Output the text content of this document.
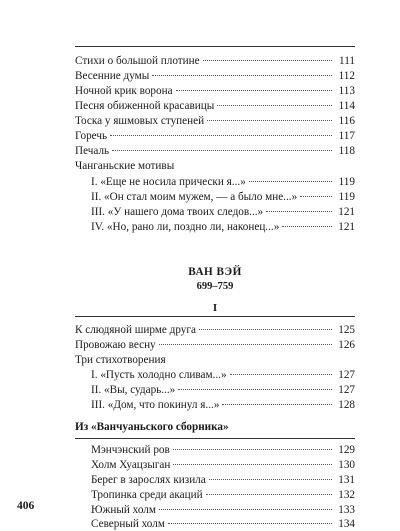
Стихи о большой плотине	111
Весенние думы	112
Ночной крик ворона	113
Песня обиженной красавицы	114
Тоска у яшмовых ступеней	116
Горечь	117
Печаль	118
Чанганьские мотивы
I. «Еще не носила прически я...»	119
II. «Он стал моим мужем, — а было мне...»	119
III. «У нашего дома твоих следов...»	121
IV. «Но, рано ли, поздно ли, наконец...»	121
ВАН ВЭЙ
699–759
I
К слюдяной ширме друга	125
Провожаю весну	126
Три стихотворения
I. «Пусть холодно сливам...»	127
II. «Вы, сударь...»	127
III. «Дом, что покинул я...»	128
Из «Ванчуаньского сборника»
Мэнчэнский ров	129
Холм Хуацзыган	130
Берег в зарослях кизила	131
Тропинка среди акаций	132
Южный холм	133
Северный холм	134
406
